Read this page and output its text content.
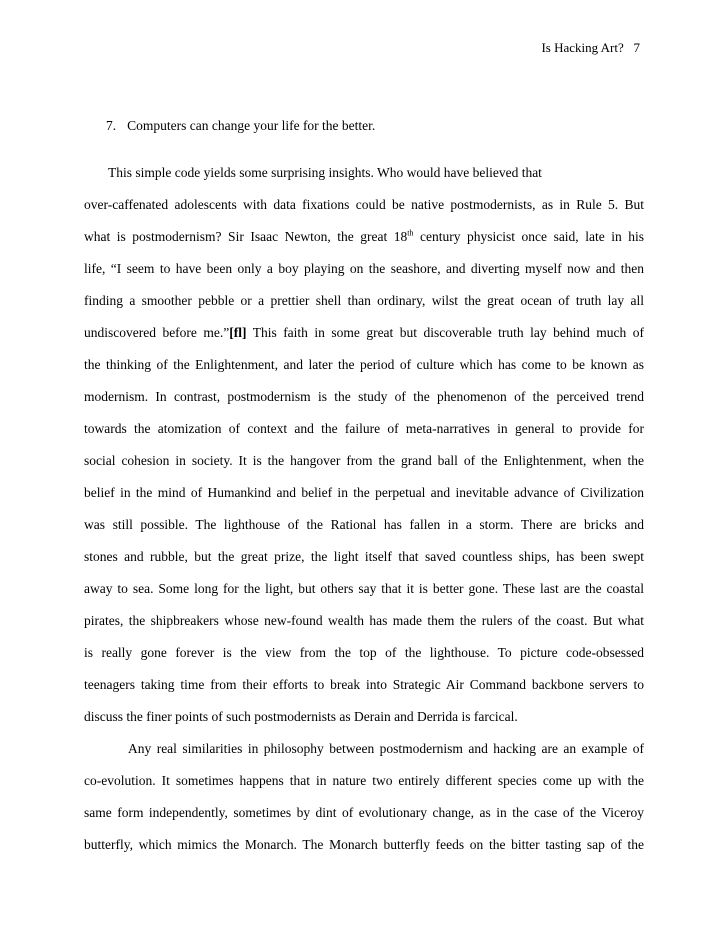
Is Hacking Art? 7
7. Computers can change your life for the better.
This simple code yields some surprising insights. Who would have believed that
over-caffenated adolescents with data fixations could be native postmodernists, as in Rule 5. But
what is postmodernism? Sir Isaac Newton, the great 18th century physicist once said, late in his
life, “I seem to have been only a boy playing on the seashore, and diverting myself now and then
finding a smoother pebble or a prettier shell than ordinary, wilst the great ocean of truth lay all
undiscovered before me.”[fl] This faith in some great but discoverable truth lay behind much of
the thinking of the Enlightenment, and later the period of culture which has come to be known as
modernism. In contrast, postmodernism is the study of the phenomenon of the perceived trend
towards the atomization of context and the failure of meta-narratives in general to provide for
social cohesion in society. It is the hangover from the grand ball of the Enlightenment, when the
belief in the mind of Humankind and belief in the perpetual and inevitable advance of Civilization
was still possible. The lighthouse of the Rational has fallen in a storm. There are bricks and
stones and rubble, but the great prize, the light itself that saved countless ships, has been swept
away to sea. Some long for the light, but others say that it is better gone. These last are the coastal
pirates, the shipbreakers whose new-found wealth has made them the rulers of the coast. But what
is really gone forever is the view from the top of the lighthouse. To picture code-obsessed
teenagers taking time from their efforts to break into Strategic Air Command backbone servers to
discuss the finer points of such postmodernists as Derain and Derrida is farcical.
Any real similarities in philosophy between postmodernism and hacking are an example of
co-evolution. It sometimes happens that in nature two entirely different species come up with the
same form independently, sometimes by dint of evolutionary change, as in the case of the Viceroy
butterfly, which mimics the Monarch. The Monarch butterfly feeds on the bitter tasting sap of the
